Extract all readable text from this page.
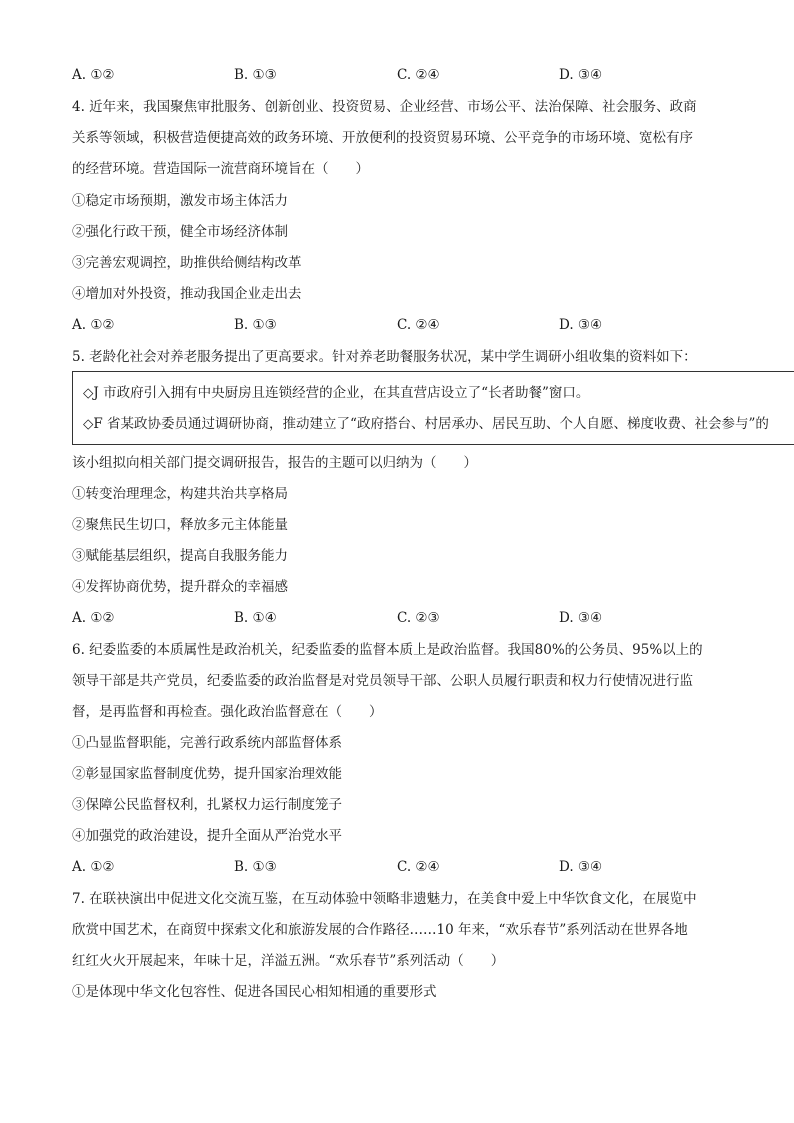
A. ①②	B. ①③	C. ②④	D. ③④
4. 近年来，我国聚焦审批服务、创新创业、投资贸易、企业经营、市场公平、法治保障、社会服务、政商
关系等领域，积极营造便捷高效的政务环境、开放便利的投资贸易环境、公平竞争的市场环境、宽松有序
的经营环境。营造国际一流营商环境旨在（　　）
①稳定市场预期，激发市场主体活力
②强化行政干预，健全市场经济体制
③完善宏观调控，助推供给侧结构改革
④增加对外投资，推动我国企业走出去
A. ①②	B. ①③	C. ②④	D. ③④
5. 老龄化社会对养老服务提出了更高要求。针对养老助餐服务状况，某中学生调研小组收集的资料如下：
◇J 市政府引入拥有中央厨房且连锁经营的企业，在其直营店设立了“长者助餐”窗口。
◇F 省某政协委员通过调研协商，推动建立了“政府搭台、村居承办、居民互助、个人自愿、梯度收费、社会参与”的
该小组拟向相关部门提交调研报告，报告的主题可以归纳为（　　）
①转变治理理念，构建共治共享格局
②聚焦民生切口，释放多元主体能量
③赋能基层组织，提高自我服务能力
④发挥协商优势，提升群众的幸福感
A. ①②	B. ①④	C. ②③	D. ③④
6. 纪委监委的本质属性是政治机关，纪委监委的监督本质上是政治监督。我国80%的公务员、95%以上的
领导干部是共产党员，纪委监委的政治监督是对党员领导干部、公职人员履行职责和权力行使情况进行监
督，是再监督和再检查。强化政治监督意在（　　）
①凸显监督职能，完善行政系统内部监督体系
②彰显国家监督制度优势，提升国家治理效能
③保障公民监督权利，扎紧权力运行制度笼子
④加强党的政治建设，提升全面从严治党水平
A. ①②	B. ①③	C. ②④	D. ③④
7. 在联袂演出中促进文化交流互鉴，在互动体验中领略非遗魅力，在美食中爱上中华饮食文化，在展览中
欣赏中国艺术，在商贸中探索文化和旅游发展的合作路径……10 年来，“欢乐春节”系列活动在世界各地
红红火火开展起来，年味十足，洋溢五洲。“欢乐春节”系列活动（　　）
①是体现中华文化包容性、促进各国民心相知相通的重要形式
